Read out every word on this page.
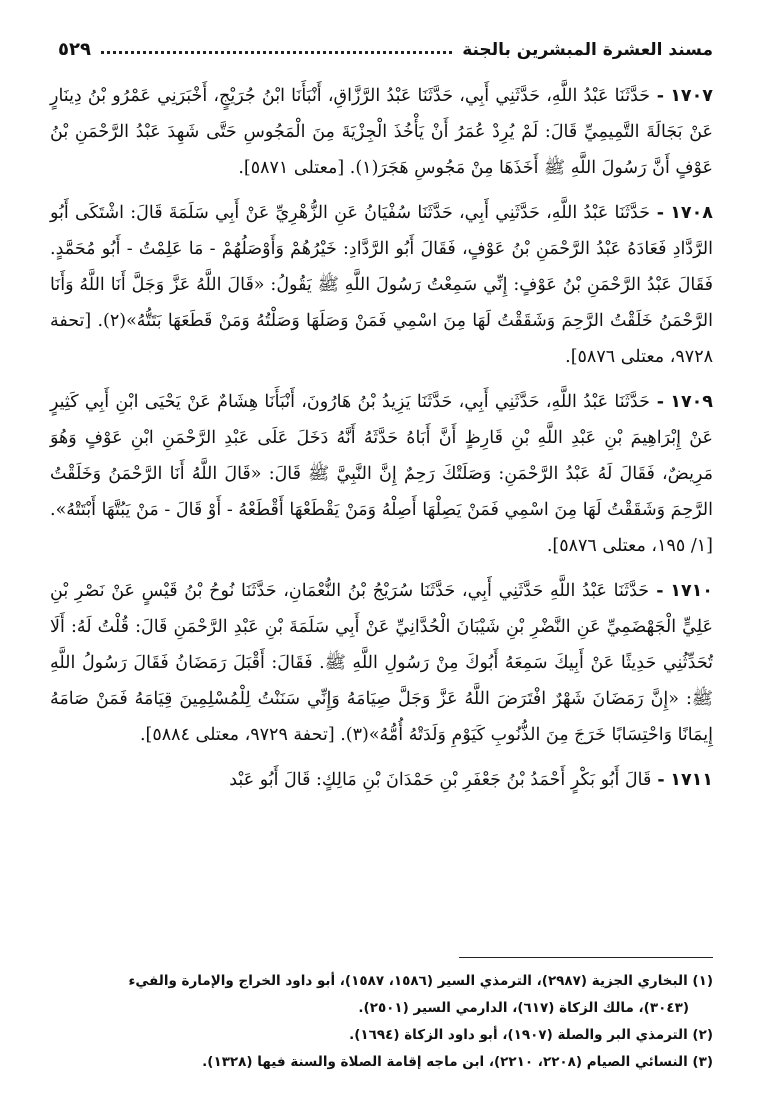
مسند العشرة المبشرين بالجنة
٥٢٩

١٧٠٧ - حَدَّثَنَا عَبْدُ اللَّهِ، حَدَّثَنِي أَبِي، حَدَّثَنَا عَبْدُ الرَّزَّاقِ، أَنْبَأَنَا ابْنُ جُرَيْجٍ، أَخْبَرَنِي عَمْرُو بْنُ دِينَارٍ عَنْ بَجَالَةَ التَّمِيمِيِّ قَالَ: لَمْ يُرِدْ عُمَرُ أَنْ يَأْخُذَ الْجِزْيَةَ مِنَ الْمَجُوسِ حَتَّى شَهِدَ عَبْدُ الرَّحْمَنِ بْنُ عَوْفٍ أَنَّ رَسُولَ اللَّهِ ﷺ أَخَذَهَا مِنْ مَجُوسِ هَجَرَ(١). [معتلى ٥٨٧١].

١٧٠٨ - حَدَّثَنَا عَبْدُ اللَّهِ، حَدَّثَنِي أَبِي، حَدَّثَنَا سُفْيَانُ عَنِ الزُّهْرِيِّ عَنْ أَبِي سَلَمَةَ قَالَ: اشْتَكَى أَبُو الرَّدَّادِ فَعَادَهُ عَبْدُ الرَّحْمَنِ بْنُ عَوْفٍ، فَقَالَ أَبُو الرَّدَّادِ: خَيْرُهُمْ وَأَوْصَلُهُمْ - مَا عَلِمْتُ - أَبُو مُحَمَّدٍ. فَقَالَ عَبْدُ الرَّحْمَنِ بْنُ عَوْفٍ: إِنِّي سَمِعْتُ رَسُولَ اللَّهِ ﷺ يَقُولُ: «قَالَ اللَّهُ عَزَّ وَجَلَّ أَنَا اللَّهُ وَأَنَا الرَّحْمَنُ خَلَقْتُ الرَّحِمَ وَشَقَقْتُ لَهَا مِنَ اسْمِي فَمَنْ وَصَلَهَا وَصَلْتُهُ وَمَنْ قَطَعَهَا بَتَتُّهُ»(٢). [تحفة ٩٧٢٨، معتلى ٥٨٧٦].

١٧٠٩ - حَدَّثَنَا عَبْدُ اللَّهِ، حَدَّثَنِي أَبِي، حَدَّثَنَا يَزِيدُ بْنُ هَارُونَ، أَنْبَأَنَا هِشَامٌ عَنْ يَحْيَى ابْنِ أَبِي كَثِيرٍ عَنْ إِبْرَاهِيمَ بْنِ عَبْدِ اللَّهِ بْنِ قَارِظٍ أَنَّ أَبَاهُ حَدَّثَهُ أَنَّهُ دَخَلَ عَلَى عَبْدِ الرَّحْمَنِ ابْنِ عَوْفٍ وَهُوَ مَرِيضٌ، فَقَالَ لَهُ عَبْدُ الرَّحْمَنِ: وَصَلَتْكَ رَحِمٌ إِنَّ النَّبِيَّ ﷺ قَالَ: «قَالَ اللَّهُ أَنَا الرَّحْمَنُ وَخَلَقْتُ الرَّحِمَ وَشَقَقْتُ لَهَا مِنَ اسْمِي فَمَنْ يَصِلْهَا أَصِلْهُ وَمَنْ يَقْطَعْهَا أَقْطَعْهُ - أَوْ قَالَ - مَنْ يَبُتَّهَا أَبْتَتْهُ». [١/ ١٩٥، معتلى ٥٨٧٦].

١٧١٠ - حَدَّثَنَا عَبْدُ اللَّهِ حَدَّثَنِي أَبِي، حَدَّثَنَا سُرَيْجُ بْنُ النُّعْمَانِ، حَدَّثَنَا نُوحُ بْنُ قَيْسٍ عَنْ نَصْرِ بْنِ عَلِيٍّ الْجَهْضَمِيِّ عَنِ النَّضْرِ بْنِ شَيْبَانَ الْحُدَّانِيِّ عَنْ أَبِي سَلَمَةَ بْنِ عَبْدِ الرَّحْمَنِ قَالَ: قُلْتُ لَهُ: أَلَا تُحَدِّثُنِي حَدِيثًا عَنْ أَبِيكَ سَمِعَهُ أَبُوكَ مِنْ رَسُولِ اللَّهِ ﷺ. فَقَالَ: أَقْبَلَ رَمَضَانُ فَقَالَ رَسُولُ اللَّهِ ﷺ: «إِنَّ رَمَضَانَ شَهْرٌ افْتَرَضَ اللَّهُ عَزَّ وَجَلَّ صِيَامَهُ وَإِنِّي سَنَنْتُ لِلْمُسْلِمِينَ قِيَامَهُ فَمَنْ صَامَهُ إِيمَانًا وَاحْتِسَابًا خَرَجَ مِنَ الذُّنُوبِ كَيَوْمِ وَلَدَتْهُ أُمُّهُ»(٣). [تحفة ٩٧٢٩، معتلى ٥٨٨٤].

١٧١١ - قَالَ أَبُو بَكْرٍ أَحْمَدُ بْنُ جَعْفَرِ بْنِ حَمْدَانَ بْنِ مَالِكٍ: قَالَ أَبُو عَبْد

(١) البخاري الجزية (٢٩٨٧)، الترمذي السير (١٥٨٦، ١٥٨٧)، أبو داود الخراج والإمارة والفيء

(٣٠٤٣)، مالك الزكاة (٦١٧)، الدارمي السير (٢٥٠١).

(٢) الترمذي البر والصلة (١٩٠٧)، أبو داود الزكاة (١٦٩٤).

(٣) النسائي الصيام (٢٢٠٨، ٢٢١٠)، ابن ماجه إقامة الصلاة والسنة فيها (١٣٢٨).
